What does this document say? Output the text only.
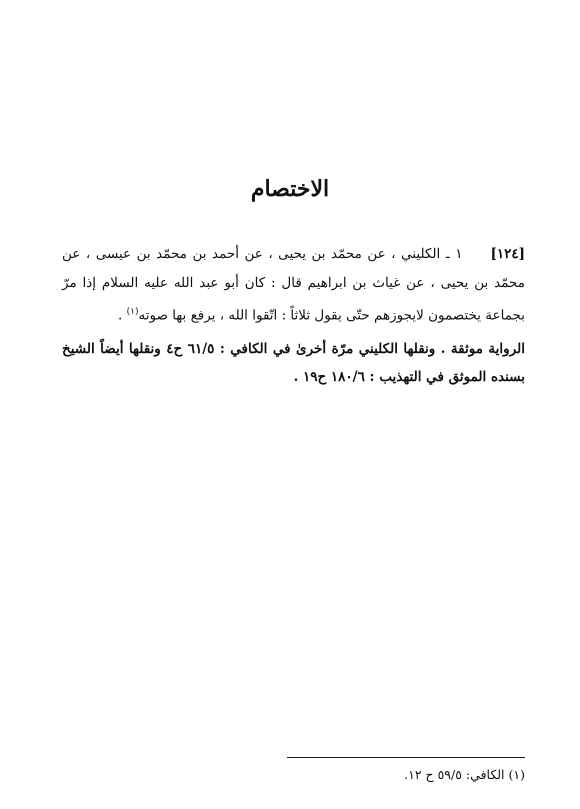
الاختصام

[١٢٤]١ ـ الكليني ، عن محمّد بن يحيى ، عن أحمد بن محمّد بن عيسى ، عن محمّد بن يحيى ، عن غياث بن ابراهيم قال : كان أبو عبد الله عليه السلام إذا مرّ بجماعة يختصمون لايجوزهم حتّى يقول ثلاثاً : اتّقوا الله ، يرفع بها صوته$^{(١)}$ .

الرواية موثقة . ونقلها الكليني مرّة أخرىٰ في الكافي : ٦١/٥ ح٤ ونقلها أيضاً الشيخ بسنده الموثق في التهذيب : ١٨٠/٦ ح١٩ .

(١) الكافي: ٥٩/٥ ح ١٢.
